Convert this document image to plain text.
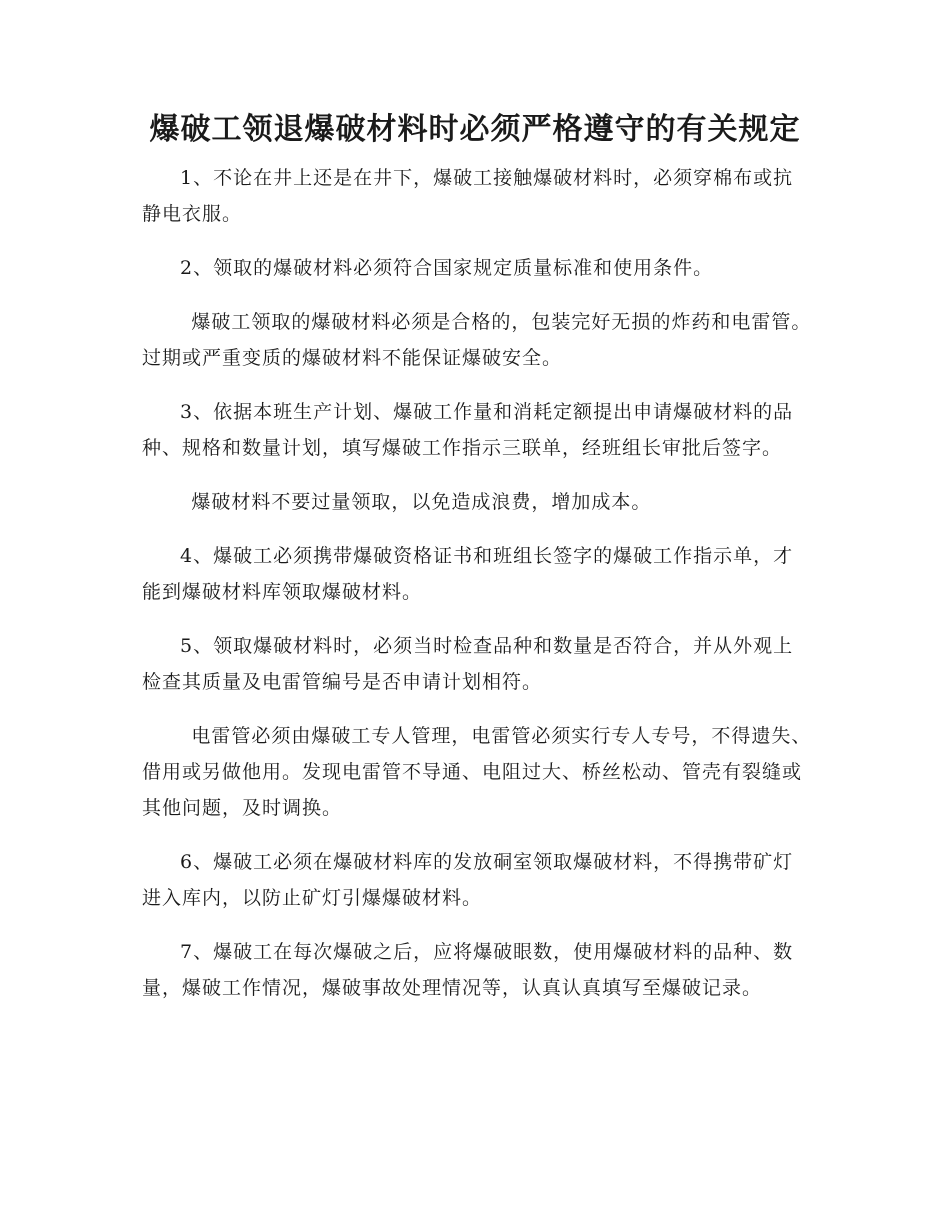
爆破工领退爆破材料时必须严格遵守的有关规定

1、不论在井上还是在井下，爆破工接触爆破材料时，必须穿棉布或抗静电衣服。

2、领取的爆破材料必须符合国家规定质量标准和使用条件。

爆破工领取的爆破材料必须是合格的，包装完好无损的炸药和电雷管。过期或严重变质的爆破材料不能保证爆破安全。

3、依据本班生产计划、爆破工作量和消耗定额提出申请爆破材料的品种、规格和数量计划，填写爆破工作指示三联单，经班组长审批后签字。

爆破材料不要过量领取，以免造成浪费，增加成本。

4、爆破工必须携带爆破资格证书和班组长签字的爆破工作指示单，才能到爆破材料库领取爆破材料。

5、领取爆破材料时，必须当时检查品种和数量是否符合，并从外观上检查其质量及电雷管编号是否申请计划相符。

电雷管必须由爆破工专人管理，电雷管必须实行专人专号，不得遗失、借用或另做他用。发现电雷管不导通、电阻过大、桥丝松动、管壳有裂缝或其他问题，及时调换。

6、爆破工必须在爆破材料库的发放硐室领取爆破材料，不得携带矿灯进入库内，以防止矿灯引爆爆破材料。

7、爆破工在每次爆破之后，应将爆破眼数，使用爆破材料的品种、数量，爆破工作情况，爆破事故处理情况等，认真认真填写至爆破记录。
